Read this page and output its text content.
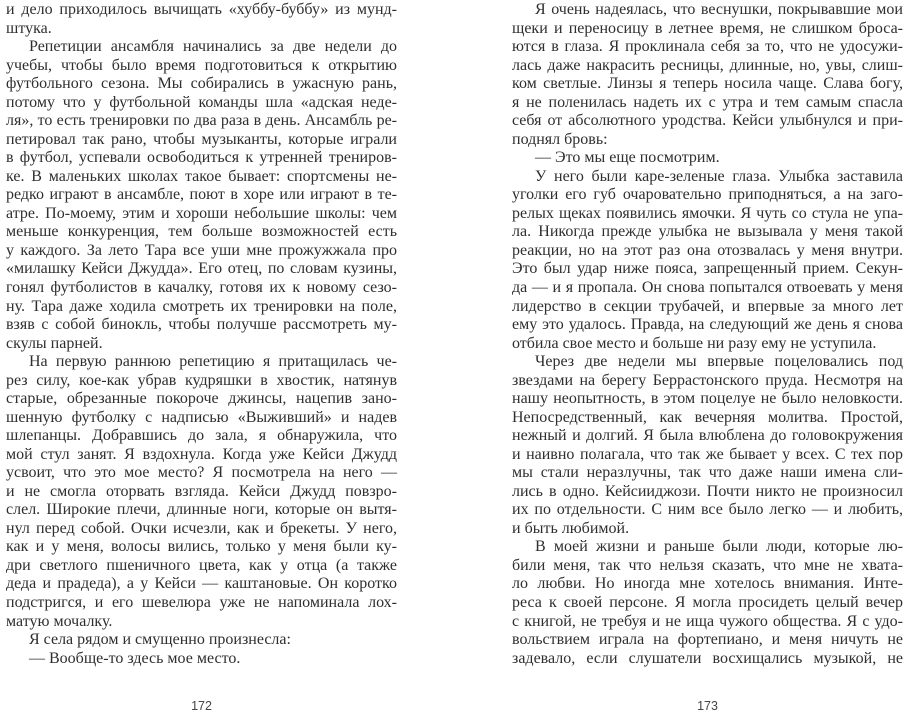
и дело приходилось вычищать «хуббу-буббу» из мунд-
штука.
Репетиции ансамбля начинались за две недели до
учебы, чтобы было время подготовиться к открытию
футбольного сезона. Мы собирались в ужасную рань,
потому что у футбольной команды шла «адская неде-
ля», то есть тренировки по два раза в день. Ансамбль ре-
петировал так рано, чтобы музыканты, которые играли
в футбол, успевали освободиться к утренней трениров-
ке. В маленьких школах такое бывает: спортсмены не-
редко играют в ансамбле, поют в хоре или играют в те-
атре. По-моему, этим и хороши небольшие школы: чем
меньше конкуренция, тем больше возможностей есть
у каждого. За лето Тара все уши мне прожужжала про
«милашку Кейси Джудда». Его отец, по словам кузины,
гонял футболистов в качалку, готовя их к новому сезо-
ну. Тара даже ходила смотреть их тренировки на поле,
взяв с собой бинокль, чтобы получше рассмотреть му-
скулы парней.
На первую раннюю репетицию я притащилась че-
рез силу, кое-как убрав кудряшки в хвостик, натянув
старые, обрезанные покороче джинсы, нацепив зано-
шенную футболку с надписью «Выживший» и надев
шлепанцы. Добравшись до зала, я обнаружила, что
мой стул занят. Я вздохнула. Когда уже Кейси Джудд
усвоит, что это мое место? Я посмотрела на него —
и не смогла оторвать взгляда. Кейси Джудд повзро-
слел. Широкие плечи, длинные ноги, которые он вытя-
нул перед собой. Очки исчезли, как и брекеты. У него,
как и у меня, волосы вились, только у меня были ку-
дри светлого пшеничного цвета, как у отца (а также
деда и прадеда), а у Кейси — каштановые. Он коротко
подстригся, и его шевелюра уже не напоминала лох-
матую мочалку.
Я села рядом и смущенно произнесла:
— Вообще-то здесь мое место.
172
Я очень надеялась, что веснушки, покрывавшие мои
щеки и переносицу в летнее время, не слишком броса-
ются в глаза. Я проклинала себя за то, что не удосужи-
лась даже накрасить ресницы, длинные, но, увы, слиш-
ком светлые. Линзы я теперь носила чаще. Слава богу,
я не поленилась надеть их с утра и тем самым спасла
себя от абсолютного уродства. Кейси улыбнулся и при-
поднял бровь:
— Это мы еще посмотрим.
У него были каре-зеленые глаза. Улыбка заставила
уголки его губ очаровательно приподняться, а на заго-
релых щеках появились ямочки. Я чуть со стула не упа-
ла. Никогда прежде улыбка не вызывала у меня такой
реакции, но на этот раз она отозвалась у меня внутри.
Это был удар ниже пояса, запрещенный прием. Секун-
да — и я пропала. Он снова попытался отвоевать у меня
лидерство в секции трубачей, и впервые за много лет
ему это удалось. Правда, на следующий же день я снова
отбила свое место и больше ни разу ему не уступила.
Через две недели мы впервые поцеловались под
звездами на берегу Беррастонского пруда. Несмотря на
нашу неопытность, в этом поцелуе не было неловкости.
Непосредственный, как вечерняя молитва. Простой,
нежный и долгий. Я была влюблена до головокружения
и наивно полагала, что так же бывает у всех. С тех пор
мы стали неразлучны, так что даже наши имена сли-
лись в одно. Кейсииджози. Почти никто не произносил
их по отдельности. С ним все было легко — и любить,
и быть любимой.
В моей жизни и раньше были люди, которые лю-
били меня, так что нельзя сказать, что мне не хвата-
ло любви. Но иногда мне хотелось внимания. Инте-
реса к своей персоне. Я могла просидеть целый вечер
с книгой, не требуя и не ища чужого общества. Я с удо-
вольствием играла на фортепиано, и меня ничуть не
задевало, если слушатели восхищались музыкой, не
173
